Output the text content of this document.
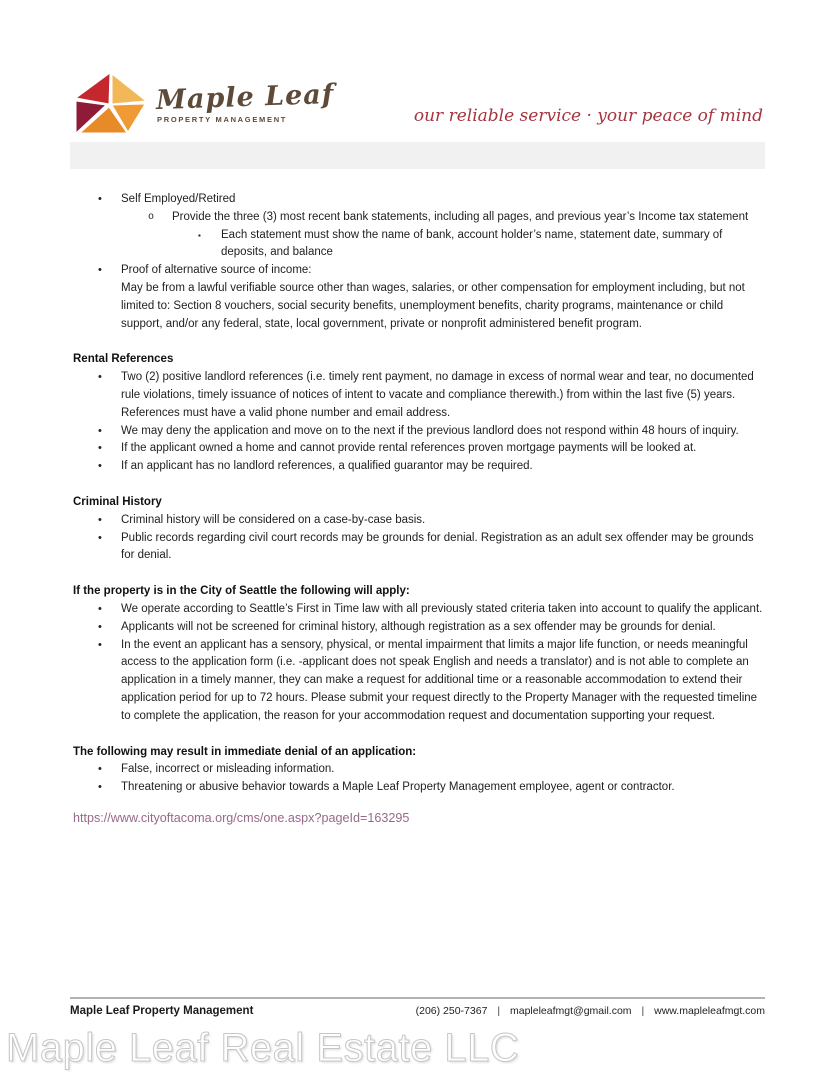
Maple Leaf
PROPERTY MANAGEMENT	our reliable service · your peace of mind
•	Self Employed/Retired
o	Provide the three (3) most recent bank statements, including all pages, and previous year’s Income tax statement
▪	Each statement must show the name of bank, account holder’s name, statement date, summary of deposits, and balance
•	Proof of alternative source of income:
May be from a lawful verifiable source other than wages, salaries, or other compensation for employment including, but not limited to: Section 8 vouchers, social security benefits, unemployment benefits, charity programs, maintenance or child support, and/or any federal, state, local government, private or nonprofit administered benefit program.
Rental References
•	Two (2) positive landlord references (i.e. timely rent payment, no damage in excess of normal wear and tear, no documented rule violations, timely issuance of notices of intent to vacate and compliance therewith.) from within the last five (5) years. References must have a valid phone number and email address.
•	We may deny the application and move on to the next if the previous landlord does not respond within 48 hours of inquiry.
•	If the applicant owned a home and cannot provide rental references proven mortgage payments will be looked at.
•	If an applicant has no landlord references, a qualified guarantor may be required.
Criminal History
•	Criminal history will be considered on a case-by-case basis.
•	Public records regarding civil court records may be grounds for denial. Registration as an adult sex offender may be grounds for denial.
If the property is in the City of Seattle the following will apply:
•	We operate according to Seattle’s First in Time law with all previously stated criteria taken into account to qualify the applicant.
•	Applicants will not be screened for criminal history, although registration as a sex offender may be grounds for denial.
•	In the event an applicant has a sensory, physical, or mental impairment that limits a major life function, or needs meaningful access to the application form (i.e. -applicant does not speak English and needs a translator) and is not able to complete an application in a timely manner, they can make a request for additional time or a reasonable accommodation to extend their application period for up to 72 hours. Please submit your request directly to the Property Manager with the requested timeline to complete the application, the reason for your accommodation request and documentation supporting your request.
The following may result in immediate denial of an application:
•	False, incorrect or misleading information.
•	Threatening or abusive behavior towards a Maple Leaf Property Management employee, agent or contractor.
https://www.cityoftacoma.org/cms/one.aspx?pageId=163295
Maple Leaf Property Management	(206) 250-7367 | mapleleafmgt@gmail.com | www.mapleleafmgt.com
Maple Leaf Real Estate LLC
